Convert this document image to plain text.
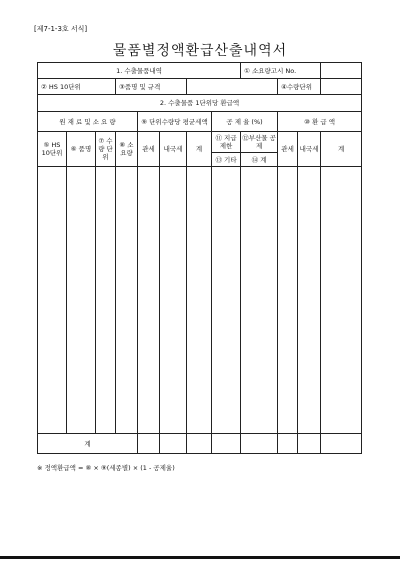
[제7-1-3호 서식]
물품별정액환급산출내역서
1. 수출물품내역								① 소요량고시 No.			
② HS 10단위			③품명 및 규격						④수량단위		
2. 수출물품 1단위당 환급액											
원 재 료 및 소 요 량				⑨ 단위수량당 평균세액			공 제 율 (%)		⑩ 환 급 액		
⑤ HS 10단위	⑥ 품명	⑦ 수량 단위	⑧ 소요량	관세	내국세	계	⑪ 지급 제한	⑫부산물 공제	관세	내국세	계
							⑬ 기타	⑭ 계			

계											
※ 정액환급액 = ⑧ × ⑨(세종별) × (1 - 공제율)
